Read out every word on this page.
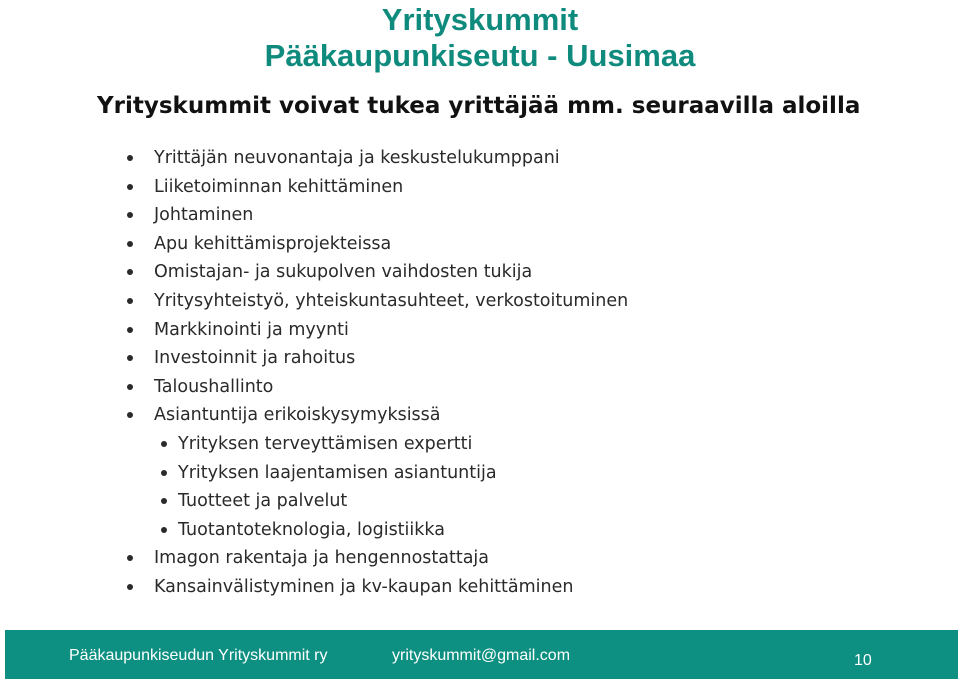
Yrityskummit
Pääkaupunkiseutu - Uusimaa
Yrityskummit voivat tukea yrittäjää mm. seuraavilla aloilla
Yrittäjän neuvonantaja ja keskustelukumppani
Liiketoiminnan kehittäminen
Johtaminen
Apu kehittämisprojekteissa
Omistajan- ja sukupolven vaihdosten tukija
Yritysyhteistyö, yhteiskuntasuhteet, verkostoituminen
Markkinointi ja myynti
Investoinnit ja rahoitus
Taloushallinto
Asiantuntija erikoiskysymyksissä
Yrityksen terveyttämisen expertti
Yrityksen laajentamisen asiantuntija
Tuotteet ja palvelut
Tuotantoteknologia, logistiikka
Imagon rakentaja ja hengennostattaja
Kansainvälistyminen ja kv-kaupan kehittäminen
Pääkaupunkiseudun Yrityskummit ry	yrityskummit@gmail.com	10
